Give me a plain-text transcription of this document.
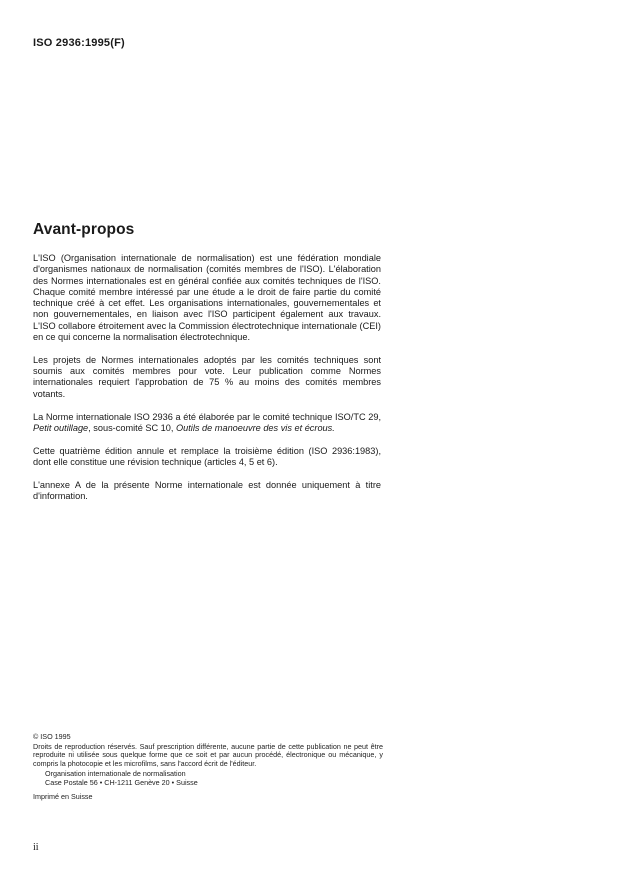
ISO 2936:1995(F)
Avant-propos

L'ISO (Organisation internationale de normalisation) est une fédération mondiale d'organismes nationaux de normalisation (comités membres de l'ISO). L'élaboration des Normes internationales est en général confiée aux comités techniques de l'ISO. Chaque comité membre intéressé par une étude a le droit de faire partie du comité technique créé à cet effet. Les organisations internationales, gouvernementales et non gouvernementales, en liaison avec l'ISO participent également aux travaux. L'ISO collabore étroitement avec la Commission électrotechnique internationale (CEI) en ce qui concerne la normalisation électrotechnique.

Les projets de Normes internationales adoptés par les comités techniques sont soumis aux comités membres pour vote. Leur publication comme Normes internationales requiert l'approbation de 75 % au moins des comités membres votants.

La Norme internationale ISO 2936 a été élaborée par le comité technique ISO/TC 29, Petit outillage, sous-comité SC 10, Outils de manoeuvre des vis et écrous.

Cette quatrième édition annule et remplace la troisième édition (ISO 2936:1983), dont elle constitue une révision technique (articles 4, 5 et 6).

L'annexe A de la présente Norme internationale est donnée uniquement à titre d'information.

© ISO 1995
Droits de reproduction réservés. Sauf prescription différente, aucune partie de cette publication ne peut être reproduite ni utilisée sous quelque forme que ce soit et par aucun procédé, électronique ou mécanique, y compris la photocopie et les microfilms, sans l'accord écrit de l'éditeur.
Organisation internationale de normalisation
Case Postale 56 • CH-1211 Genève 20 • Suisse
Imprimé en Suisse
ii
